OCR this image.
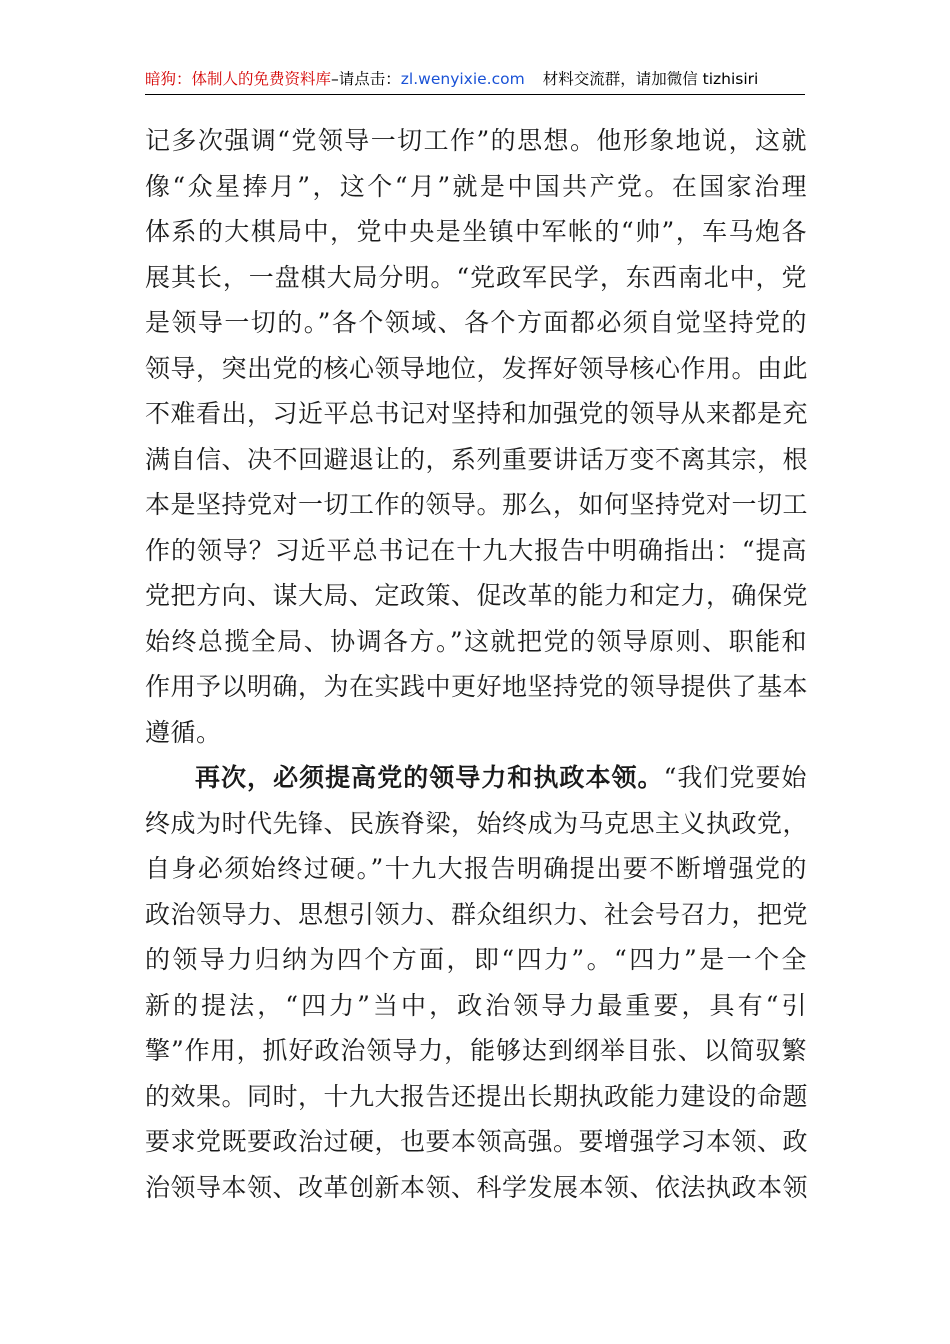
暗狗：体制人的免费资料库–请点击：zl.wenyixie.com 材料交流群，请加微信 tizhisiri
记多次强调“党领导一切工作”的思想。他形象地说，这就
像“众星捧月”，这个“月”就是中国共产党。在国家治理
体系的大棋局中，党中央是坐镇中军帐的“帅”，车马炮各
展其长，一盘棋大局分明。“党政军民学，东西南北中，党
是领导一切的。”各个领域、各个方面都必须自觉坚持党的
领导，突出党的核心领导地位，发挥好领导核心作用。由此
不难看出，习近平总书记对坚持和加强党的领导从来都是充
满自信、决不回避退让的，系列重要讲话万变不离其宗，根
本是坚持党对一切工作的领导。那么，如何坚持党对一切工
作的领导？习近平总书记在十九大报告中明确指出：“提高
党把方向、谋大局、定政策、促改革的能力和定力，确保党
始终总揽全局、协调各方。”这就把党的领导原则、职能和
作用予以明确，为在实践中更好地坚持党的领导提供了基本
遵循。
再次，必须提高党的领导力和执政本领。“我们党要始
终成为时代先锋、民族脊梁，始终成为马克思主义执政党，
自身必须始终过硬。”十九大报告明确提出要不断增强党的
政治领导力、思想引领力、群众组织力、社会号召力，把党
的领导力归纳为四个方面，即“四力”。“四力”是一个全
新的提法，“四力”当中，政治领导力最重要，具有“引
擎”作用，抓好政治领导力，能够达到纲举目张、以简驭繁
的效果。同时，十九大报告还提出长期执政能力建设的命题
要求党既要政治过硬，也要本领高强。要增强学习本领、政
治领导本领、改革创新本领、科学发展本领、依法执政本领
